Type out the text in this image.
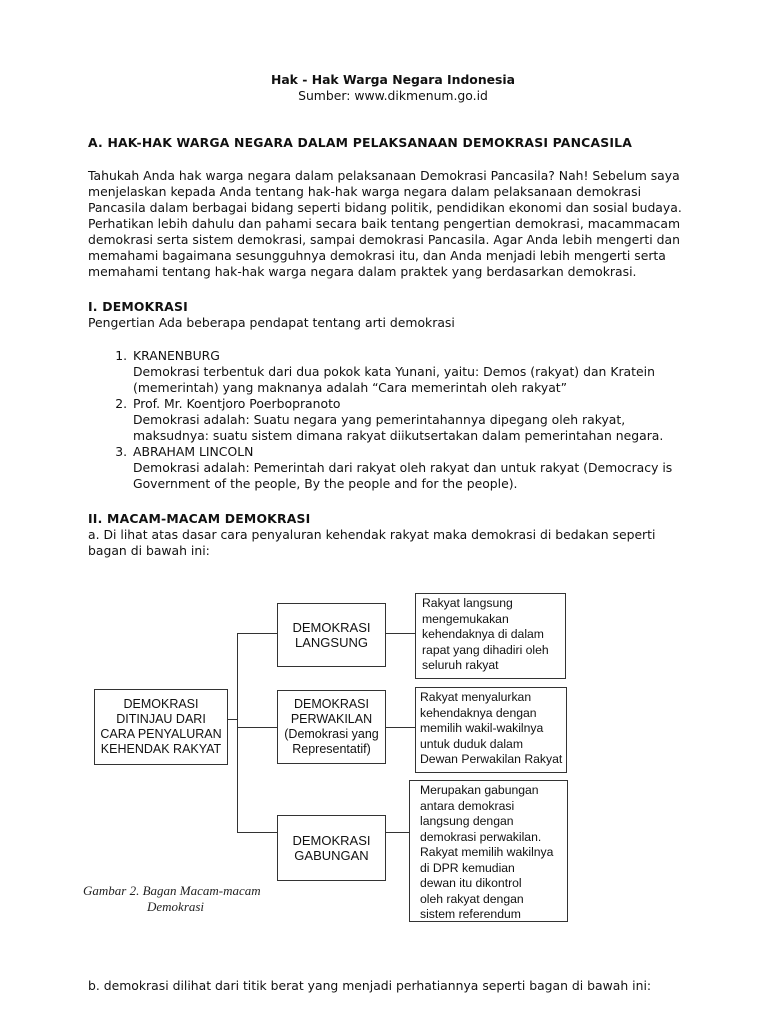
Hak - Hak Warga Negara Indonesia

Sumber: www.dikmenum.go.id

A. HAK-HAK WARGA NEGARA DALAM PELAKSANAAN DEMOKRASI PANCASILA

Tahukah Anda hak warga negara dalam pelaksanaan Demokrasi Pancasila? Nah! Sebelum saya menjelaskan kepada Anda tentang hak-hak warga negara dalam pelaksanaan demokrasi Pancasila dalam berbagai bidang seperti bidang politik, pendidikan ekonomi dan sosial budaya. Perhatikan lebih dahulu dan pahami secara baik tentang pengertian demokrasi, macammacam demokrasi serta sistem demokrasi, sampai demokrasi Pancasila. Agar Anda lebih mengerti dan memahami bagaimana sesungguhnya demokrasi itu, dan Anda menjadi lebih mengerti serta memahami tentang hak-hak warga negara dalam praktek yang berdasarkan demokrasi.

I. DEMOKRASI

Pengertian Ada beberapa pendapat tentang arti demokrasi

1. KRANENBURG
Demokrasi terbentuk dari dua pokok kata Yunani, yaitu: Demos (rakyat) dan Kratein (memerintah) yang maknanya adalah “Cara memerintah oleh rakyat”
2. Prof. Mr. Koentjoro Poerbopranoto
Demokrasi adalah: Suatu negara yang pemerintahannya dipegang oleh rakyat, maksudnya: suatu sistem dimana rakyat diikutsertakan dalam pemerintahan negara.
3. ABRAHAM LINCOLN
Demokrasi adalah: Pemerintah dari rakyat oleh rakyat dan untuk rakyat (Democracy is Government of the people, By the people and for the people).

II. MACAM-MACAM DEMOKRASI

a. Di lihat atas dasar cara penyaluran kehendak rakyat maka demokrasi di bedakan seperti bagan di bawah ini:

DEMOKRASI
DITINJAU DARI
CARA PENYALURAN
KEHENDAK RAKYAT
DEMOKRASI
LANGSUNG
DEMOKRASI
PERWAKILAN
(Demokrasi yang
Representatif)
DEMOKRASI
GABUNGAN
Rakyat langsung
mengemukakan
kehendaknya di dalam
rapat yang dihadiri oleh
seluruh rakyat
Rakyat menyalurkan
kehendaknya dengan
memilih wakil-wakilnya
untuk duduk dalam
Dewan Perwakilan Rakyat
Merupakan gabungan
antara demokrasi
langsung dengan
demokrasi perwakilan.
Rakyat memilih wakilnya
di DPR kemudian
dewan itu dikontrol
oleh rakyat dengan
sistem referendum
Gambar 2. Bagan Macam-macam
Demokrasi

b. demokrasi dilihat dari titik berat yang menjadi perhatiannya seperti bagan di bawah ini:
